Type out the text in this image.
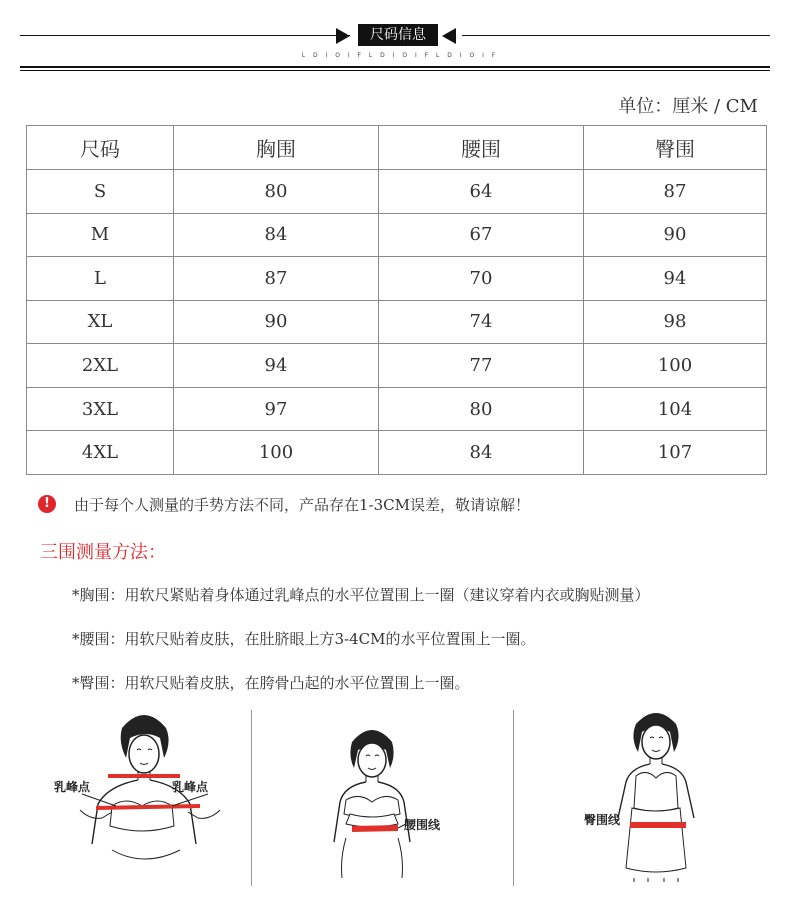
尺码信息
L D I O I F L D I O I F L D I O I F
单位：厘米 / CM
尺码	胸围	腰围	臀围
S	80	64	87
M	84	67	90
L	87	70	94
XL	90	74	98
2XL	94	77	100
3XL	97	80	104
4XL	100	84	107
!	由于每个人测量的手势方法不同，产品存在1-3CM误差，敬请谅解！
三围测量方法：
*胸围：用软尺紧贴着身体通过乳峰点的水平位置围上一圈（建议穿着内衣或胸贴测量）
*腰围：用软尺贴着皮肤，在肚脐眼上方3-4CM的水平位置围上一圈。
*臀围：用软尺贴着皮肤，在胯骨凸起的水平位置围上一圈。
乳峰点	乳峰点
腰围线	臀围线
